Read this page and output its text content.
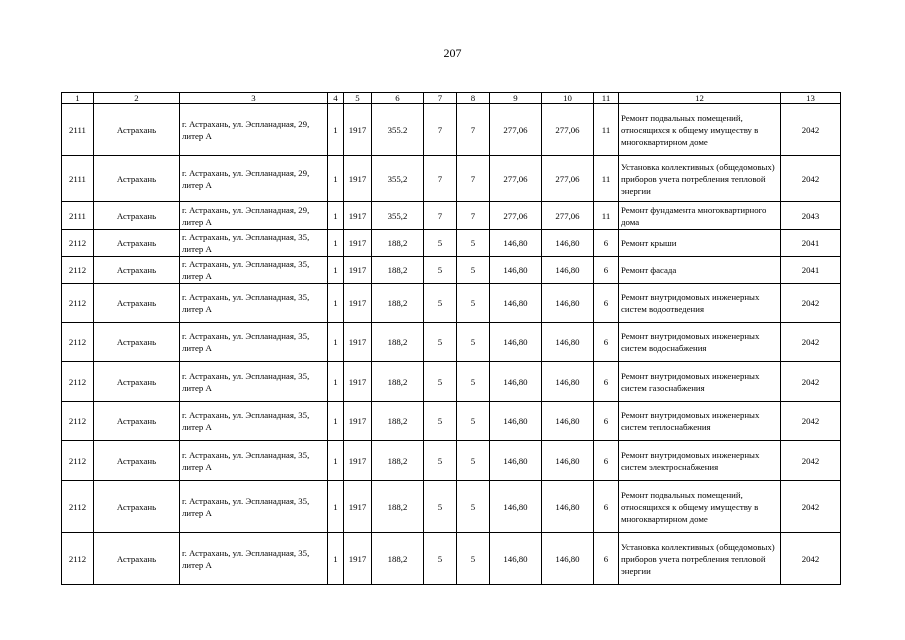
207
1	2	3	4	5	6	7	8	9	10	11	12	13
2111	Астрахань	г. Астрахань, ул. Эспланадная, 29, литер А	1	1917	355.2	7	7	277,06	277,06	11	Ремонт подвальных помещений, относящихся к общему имуществу в многоквартирном доме	2042
2111	Астрахань	г. Астрахань, ул. Эспланадная, 29, литер А	1	1917	355,2	7	7	277,06	277,06	11	Установка коллективных (общедомовых) приборов учета потребления тепловой энергии	2042
2111	Астрахань	г. Астрахань, ул. Эспланадная, 29, литер А	1	1917	355,2	7	7	277,06	277,06	11	Ремонт фундамента многоквартирного дома	2043
2112	Астрахань	г. Астрахань, ул. Эспланадная, 35, литер А	1	1917	188,2	5	5	146,80	146,80	6	Ремонт крыши	2041
2112	Астрахань	г. Астрахань, ул. Эспланадная, 35, литер А	1	1917	188,2	5	5	146,80	146,80	6	Ремонт фасада	2041
2112	Астрахань	г. Астрахань, ул. Эспланадная, 35, литер А	1	1917	188,2	5	5	146,80	146,80	6	Ремонт внутридомовых инженерных систем водоотведения	2042
2112	Астрахань	г. Астрахань, ул. Эспланадная, 35, литер А	1	1917	188,2	5	5	146,80	146,80	6	Ремонт внутридомовых инженерных систем водоснабжения	2042
2112	Астрахань	г. Астрахань, ул. Эспланадная, 35, литер А	1	1917	188,2	5	5	146,80	146,80	6	Ремонт внутридомовых инженерных систем газоснабжения	2042
2112	Астрахань	г. Астрахань, ул. Эспланадная, 35, литер А	1	1917	188,2	5	5	146,80	146,80	6	Ремонт внутридомовых инженерных систем теплоснабжения	2042
2112	Астрахань	г. Астрахань, ул. Эспланадная, 35, литер А	1	1917	188,2	5	5	146,80	146,80	6	Ремонт внутридомовых инженерных систем электроснабжения	2042
2112	Астрахань	г. Астрахань, ул. Эспланадная, 35, литер А	1	1917	188,2	5	5	146,80	146,80	6	Ремонт подвальных помещений, относящихся к общему имуществу в многоквартирном доме	2042
2112	Астрахань	г. Астрахань, ул. Эспланадная, 35, литер А	1	1917	188,2	5	5	146,80	146,80	6	Установка коллективных (общедомовых) приборов учета потребления тепловой энергии	2042
